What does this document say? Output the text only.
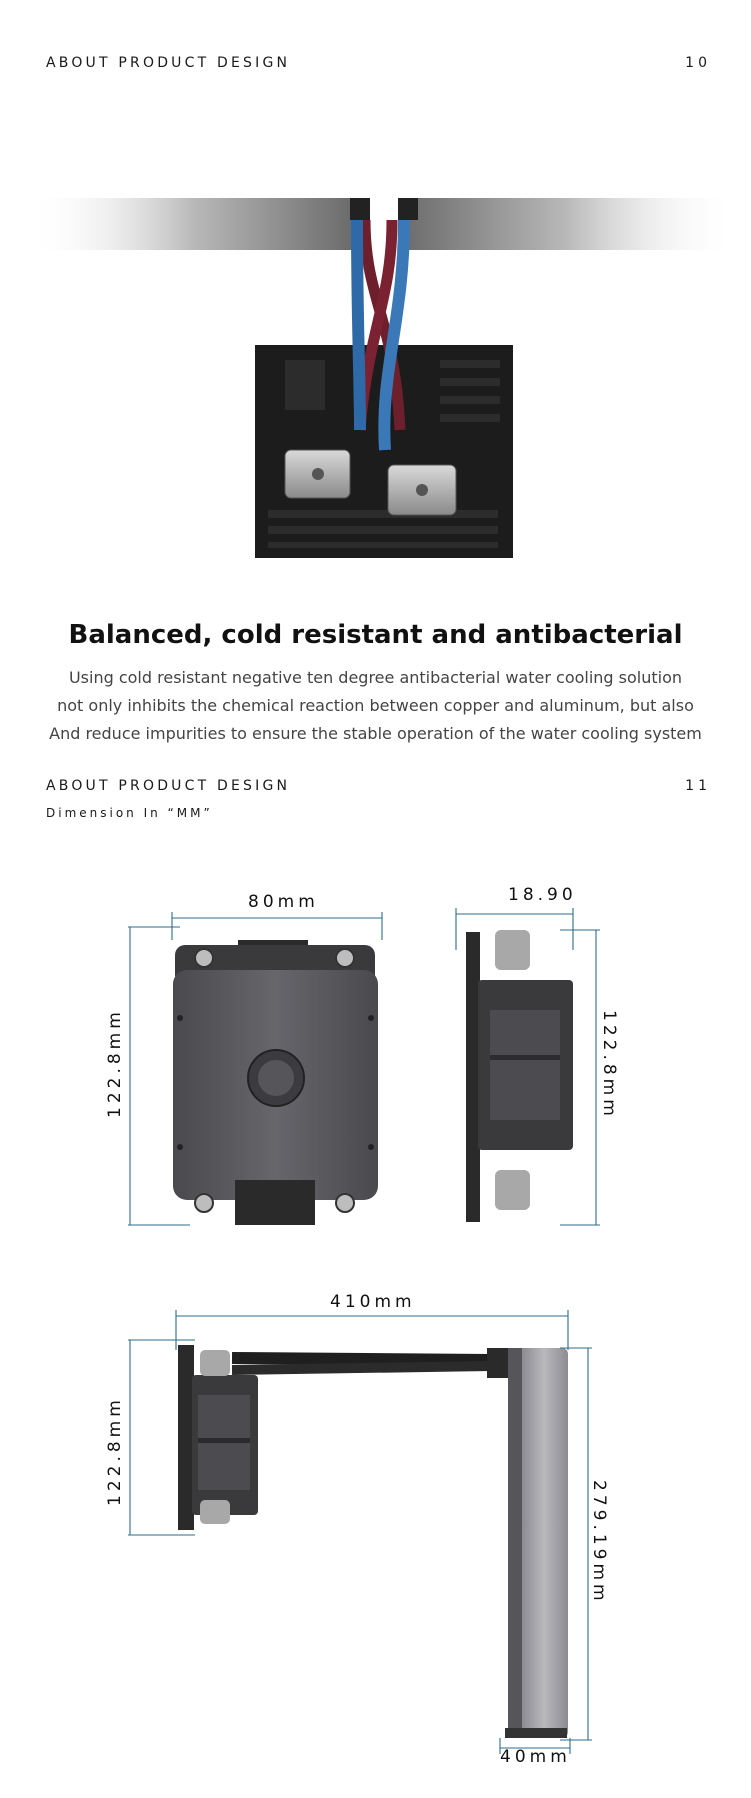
ABOUT PRODUCT DESIGN	10
Balanced, cold resistant and antibacterial
Using cold resistant negative ten degree antibacterial water cooling solution
not only inhibits the chemical reaction between copper and aluminum, but also
And reduce impurities to ensure the stable operation of the water cooling system
ABOUT PRODUCT DESIGN	11
Dimension In “MM”
80mm
122.8mm
18.90
122.8mm
410mm
122.8mm
279.19mm
40mm
